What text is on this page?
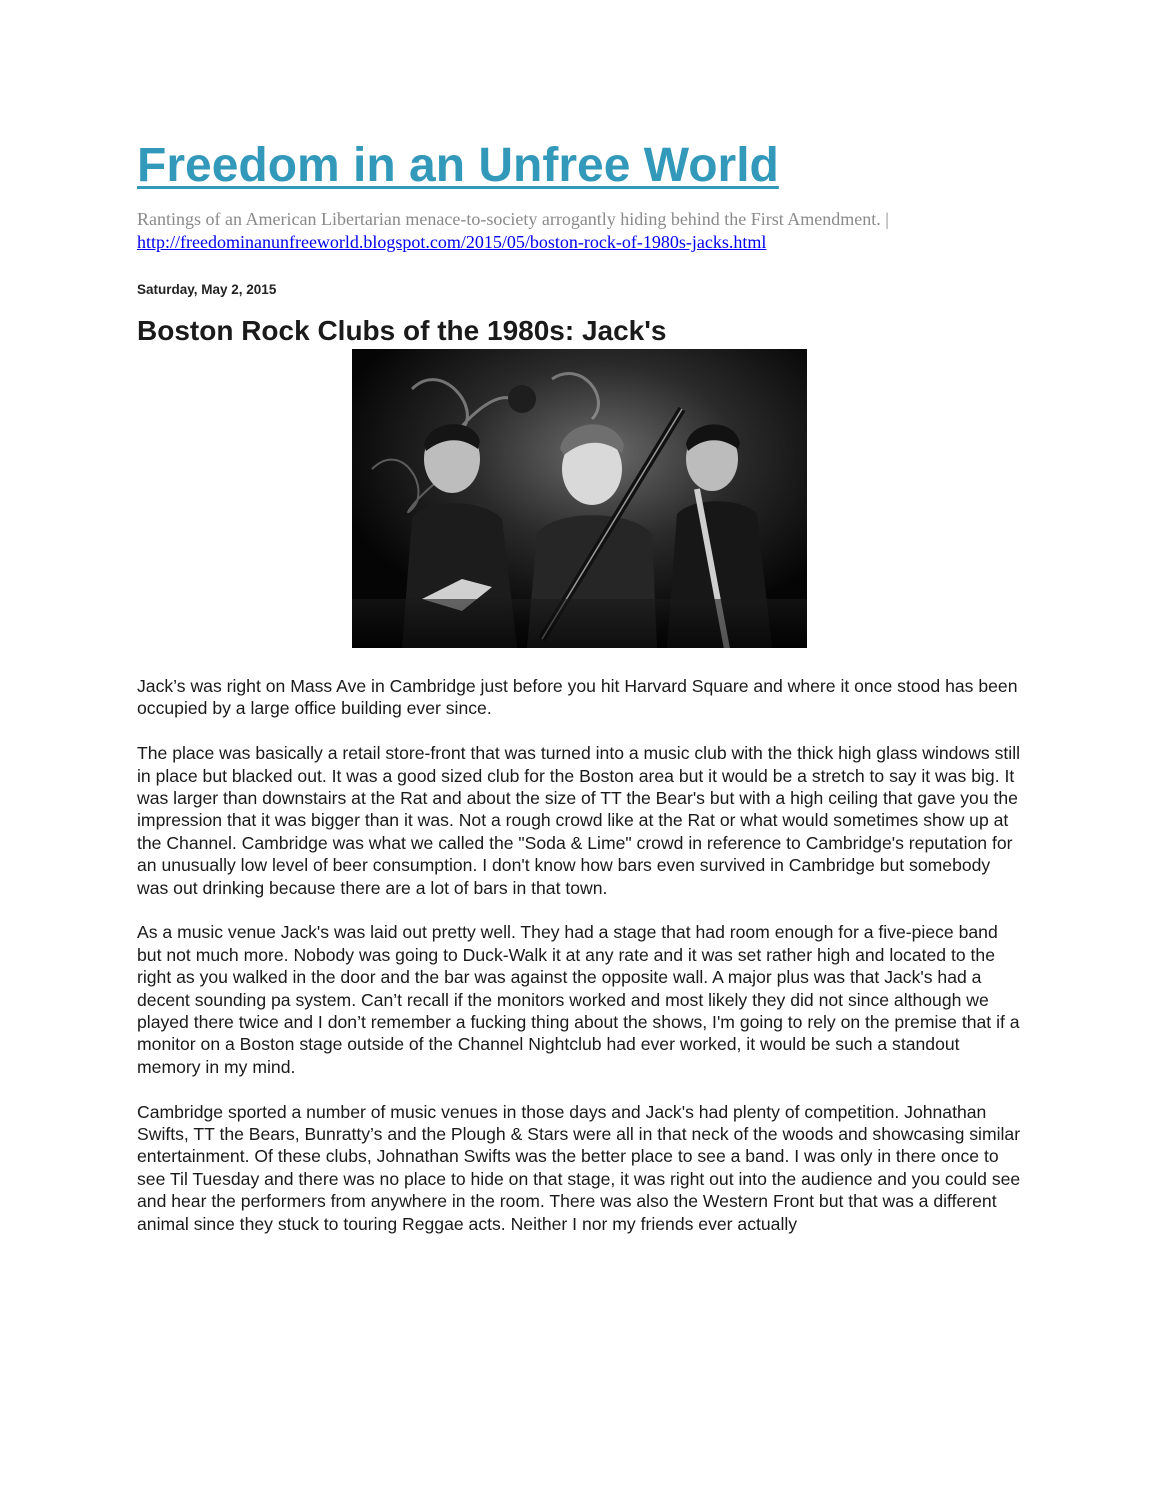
Freedom in an Unfree World
Rantings of an American Libertarian menace-to-society arrogantly hiding behind the First Amendment. |
http://freedominanunfreeworld.blogspot.com/2015/05/boston-rock-of-1980s-jacks.html
Saturday, May 2, 2015
Boston Rock Clubs of the 1980s: Jack's

Jack’s was right on Mass Ave in Cambridge just before you hit Harvard Square and where it once stood has been occupied by a large office building ever since.

The place was basically a retail store-front that was turned into a music club with the thick high glass windows still in place but blacked out. It was a good sized club for the Boston area but it would be a stretch to say it was big. It was larger than downstairs at the Rat and about the size of TT the Bear's but with a high ceiling that gave you the impression that it was bigger than it was. Not a rough crowd like at the Rat or what would sometimes show up at the Channel. Cambridge was what we called the "Soda & Lime" crowd in reference to Cambridge's reputation for an unusually low level of beer consumption. I don't know how bars even survived in Cambridge but somebody was out drinking because there are a lot of bars in that town.

As a music venue Jack's was laid out pretty well. They had a stage that had room enough for a five-piece band but not much more. Nobody was going to Duck-Walk it at any rate and it was set rather high and located to the right as you walked in the door and the bar was against the opposite wall. A major plus was that Jack's had a decent sounding pa system. Can’t recall if the monitors worked and most likely they did not since although we played there twice and I don’t remember a fucking thing about the shows, I'm going to rely on the premise that if a monitor on a Boston stage outside of the Channel Nightclub had ever worked, it would be such a standout memory in my mind.

Cambridge sported a number of music venues in those days and Jack's had plenty of competition. Johnathan Swifts, TT the Bears, Bunratty’s and the Plough & Stars were all in that neck of the woods and showcasing similar entertainment. Of these clubs, Johnathan Swifts was the better place to see a band. I was only in there once to see Til Tuesday and there was no place to hide on that stage, it was right out into the audience and you could see and hear the performers from anywhere in the room. There was also the Western Front but that was a different animal since they stuck to touring Reggae acts. Neither I nor my friends ever actually
